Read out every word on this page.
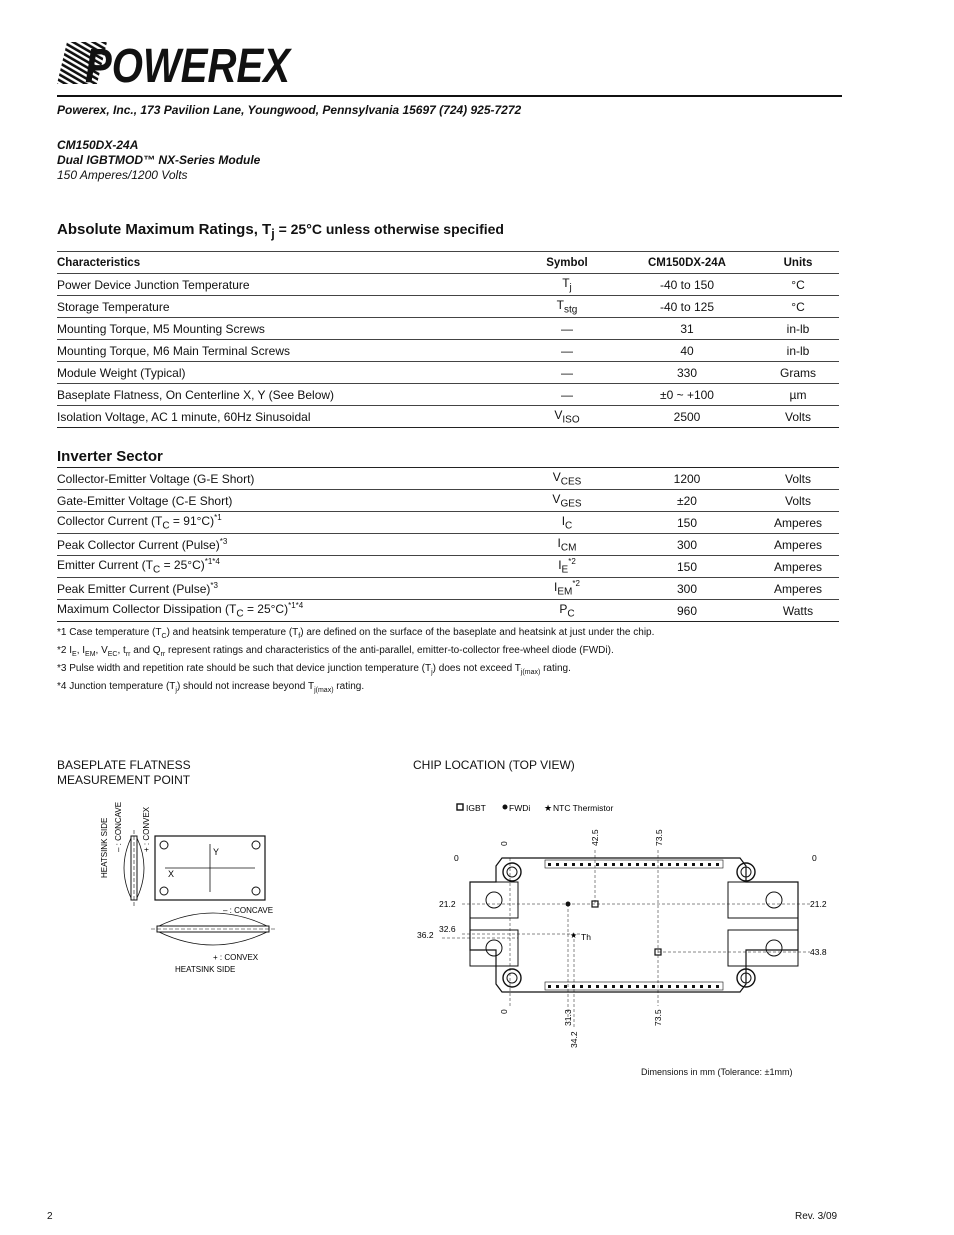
POWEREX
Powerex, Inc., 173 Pavilion Lane, Youngwood, Pennsylvania 15697 (724) 925-7272
CM150DX-24A
Dual IGBTMOD™ NX-Series Module
150 Amperes/1200 Volts
Absolute Maximum Ratings, $T_j = 25^\circ C$ unless otherwise specified
Characteristics	Symbol	CM150DX-24A	Units
Power Device Junction Temperature	$T_j$	-40 to 150	°C
Storage Temperature	$T_{stg}$	-40 to 125	°C
Mounting Torque, M5 Mounting Screws	—	31	in-lb
Mounting Torque, M6 Main Terminal Screws	—	40	in-lb
Module Weight (Typical)	—	330	Grams
Baseplate Flatness, On Centerline X, Y (See Below)	—	±0 ~ +100	µm
Isolation Voltage, AC 1 minute, 60Hz Sinusoidal	$V_{ISO}$	2500	Volts
Inverter Sector
Collector-Emitter Voltage (G-E Short)	$V_{CES}$	1200	Volts
Gate-Emitter Voltage (C-E Short)	$V_{GES}$	±20	Volts
Collector Current $(T_C = 91^\circ C)^{*1}$	$I_C$	150	Amperes
Peak Collector Current (Pulse)$^{*3}$	$I_{CM}$	300	Amperes
Emitter Current $(T_C = 25^\circ C)^{*1*4}$	$I_E^{*2}$	150	Amperes
Peak Emitter Current (Pulse)$^{*3}$	$I_{EM}^{*2}$	300	Amperes
Maximum Collector Dissipation $(T_C = 25^\circ C)^{*1*4}$	$P_C$	960	Watts
*1 Case temperature $(T_C)$ and heatsink temperature $(T_f)$ are defined on the surface of the baseplate and heatsink at just under the chip.
*2 $I_E$, $I_{EM}$, $V_{EC}$, $t_{rr}$ and $Q_{rr}$ represent ratings and characteristics of the anti-parallel, emitter-to-collector free-wheel diode (FWDi).
*3 Pulse width and repetition rate should be such that device junction temperature $(T_j)$ does not exceed $T_{j(max)}$ rating.
*4 Junction temperature $(T_j)$ should not increase beyond $T_{j(max)}$ rating.
BASEPLATE FLATNESS
MEASUREMENT POINT
CHIP LOCATION (TOP VIEW)
HEATSINK SIDE – : CONCAVE + : CONVEX	Y
X
– : CONCAVE
+ : CONVEX
HEATSINK SIDE
IGBT	FWDi ★ NTC Thermistor
0	42.5	73.5
0	0
★
21.2	21.2
32.6
36.2
43.8
Th
0	31.3
34.2
73.5
Dimensions in mm (Tolerance: ±1mm)
2	Rev. 3/09
